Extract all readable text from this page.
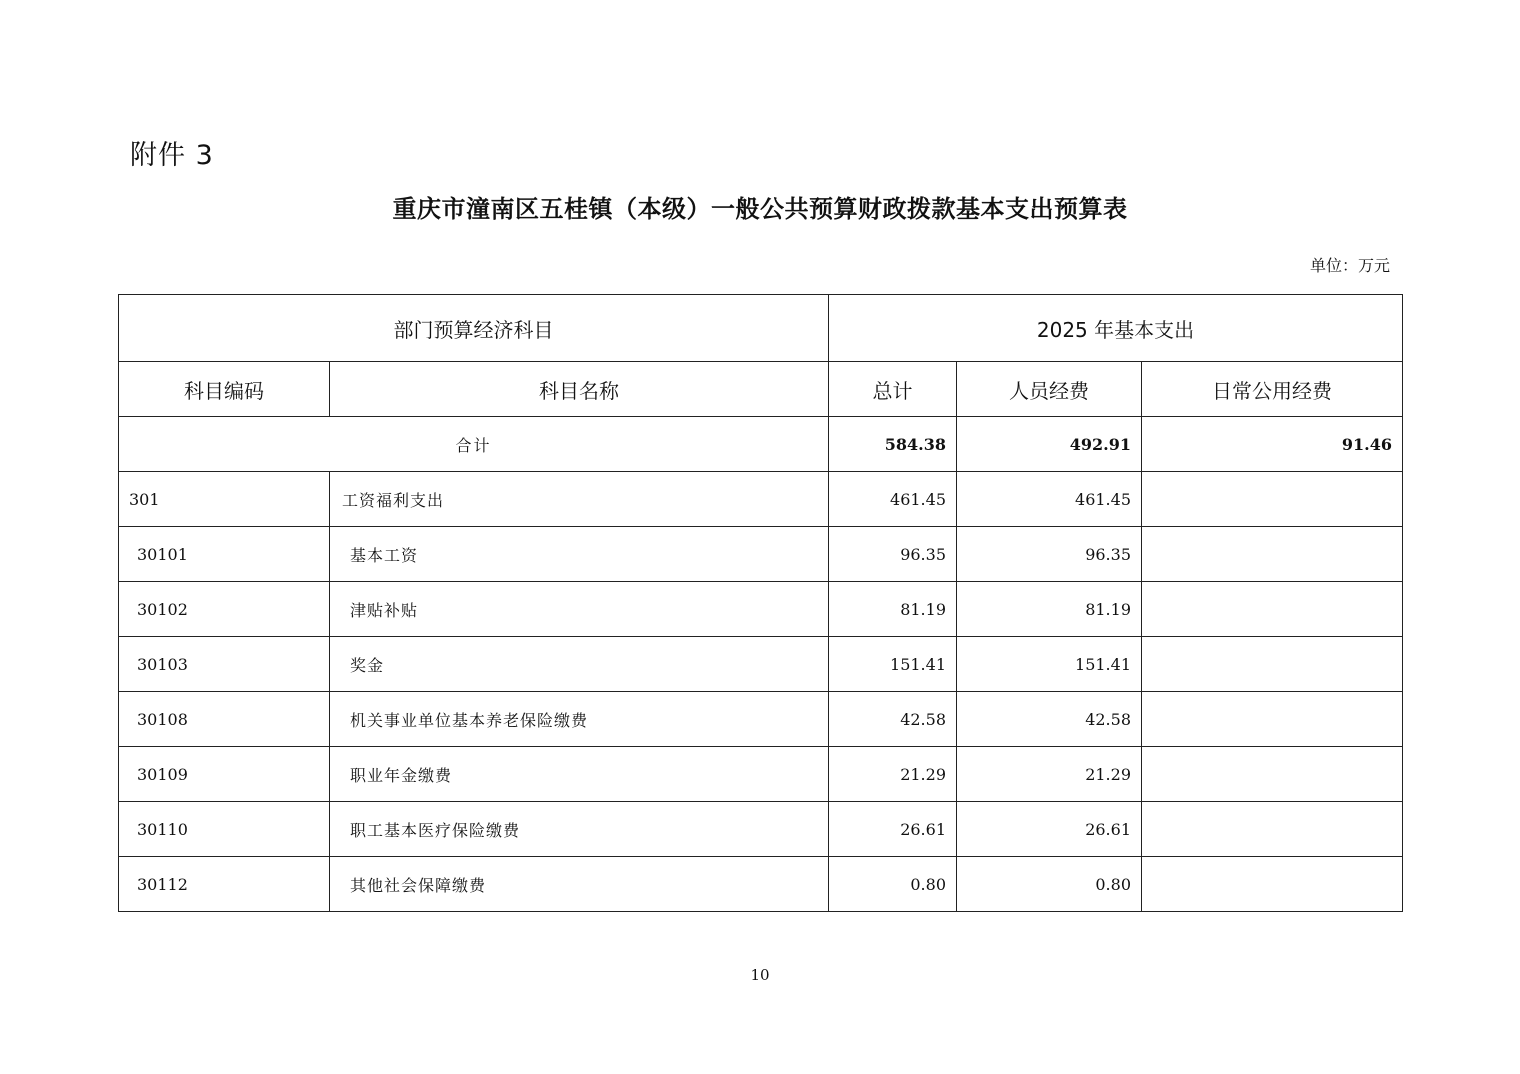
附件 3
重庆市潼南区五桂镇（本级）一般公共预算财政拨款基本支出预算表
单位：万元
部门预算经济科目		2025 年基本支出		
科目编码	科目名称	总计	人员经费	日常公用经费
合计		584.38	492.91	91.46
301	工资福利支出	461.45	461.45	
30101	基本工资	96.35	96.35	
30102	津贴补贴	81.19	81.19	
30103	奖金	151.41	151.41	
30108	机关事业单位基本养老保险缴费	42.58	42.58	
30109	职业年金缴费	21.29	21.29	
30110	职工基本医疗保险缴费	26.61	26.61	
30112	其他社会保障缴费	0.80	0.80	
10
